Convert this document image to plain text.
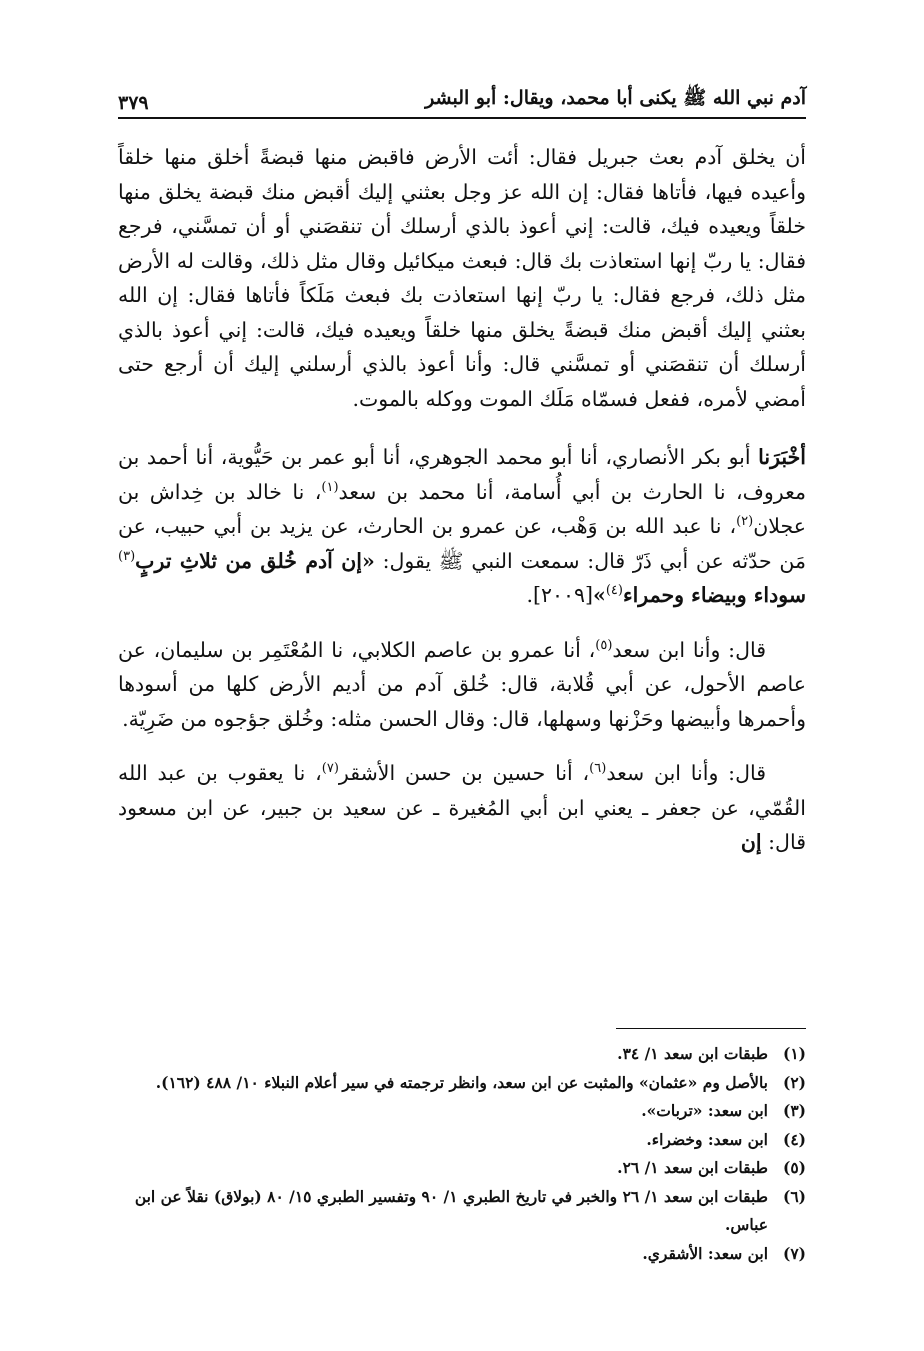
آدم نبي الله ﷺ يكنى أبا محمد، ويقال: أبو البشر
٣٧٩

أن يخلق آدم بعث جبريل فقال: أئت الأرض فاقبض منها قبضةً أخلق منها خلقاً وأعيده فيها، فأتاها فقال: إن الله عز وجل بعثني إليك أقبض منك قبضة يخلق منها خلقاً ويعيده فيك، قالت: إني أعوذ بالذي أرسلك أن تنقصَني أو أن تمسَّني، فرجع فقال: يا ربّ إنها استعاذت بك قال: فبعث ميكائيل وقال مثل ذلك، وقالت له الأرض مثل ذلك، فرجع فقال: يا ربّ إنها استعاذت بك فبعث مَلَكاً فأتاها فقال: إن الله بعثني إليك أقبض منك قبضةً يخلق منها خلقاً ويعيده فيك، قالت: إني أعوذ بالذي أرسلك أن تنقصَني أو تمسَّني قال: وأنا أعوذ بالذي أرسلني إليك أن أرجع حتى أمضي لأمره، ففعل فسمّاه مَلَك الموت ووكله بالموت.

أخْبَرَنا أبو بكر الأنصاري، أنا أبو محمد الجوهري، أنا أبو عمر بن حَيُّوية، أنا أحمد بن معروف، نا الحارث بن أبي أُسامة، أنا محمد بن سعد$^{(١)}$، نا خالد بن خِداش بن عجلان$^{(٢)}$، نا عبد الله بن وَهْب، عن عمرو بن الحارث، عن يزيد بن أبي حبيب، عن مَن حدّثه عن أبي ذَرّ قال: سمعت النبي ﷺ يقول: «إن آدم خُلق من ثلاثِ تربٍ$^{(٣)}$ سوداء وبيضاء وحمراء$^{(٤)}$»[٢٠٠٩].

قال: وأنا ابن سعد$^{(٥)}$، أنا عمرو بن عاصم الكلابي، نا المُعْتَمِر بن سليمان، عن عاصم الأحول، عن أبي قُلابة، قال: خُلق آدم من أديم الأرض كلها من أسودها وأحمرها وأبيضها وحَزْنها وسهلها، قال: وقال الحسن مثله: وخُلق جؤجوه من ضَرِيّة.

قال: وأنا ابن سعد$^{(٦)}$، أنا حسين بن حسن الأشقر$^{(٧)}$، نا يعقوب بن عبد الله القُمّي، عن جعفر ـ يعني ابن أبي المُغيرة ـ عن سعيد بن جبير، عن ابن مسعود قال: إن

(١)
طبقات ابن سعد ١/ ٣٤.
(٢)
بالأصل وم «عثمان» والمثبت عن ابن سعد، وانظر ترجمته في سير أعلام النبلاء ١٠/ ٤٨٨ (١٦٢).
(٣)
ابن سعد: «تربات».
(٤)
ابن سعد: وخضراء.
(٥)
طبقات ابن سعد ١/ ٢٦.
(٦)
طبقات ابن سعد ١/ ٢٦ والخبر في تاريخ الطبري ١/ ٩٠ وتفسير الطبري ١٥/ ٨٠ (بولاق) نقلاً عن ابن عباس.
(٧)
ابن سعد: الأشقري.
